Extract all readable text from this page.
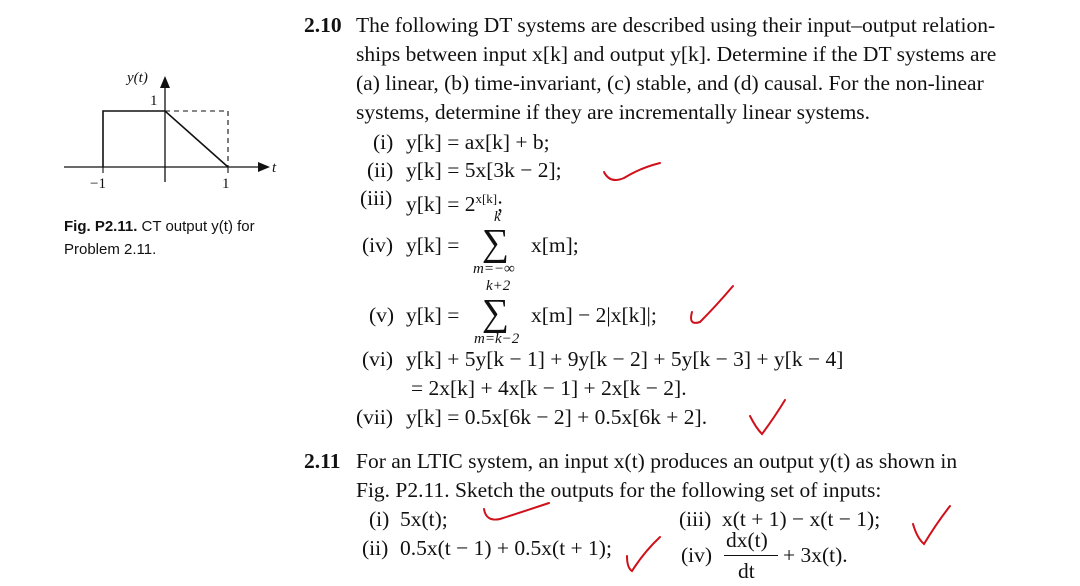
y(t)
t
1
−1	1
Fig. P2.11. CT output y(t) for
Problem 2.11.
2.10 The following DT systems are described using their input–output relation-
ships between input x[k] and output y[k]. Determine if the DT systems are
(a) linear, (b) time-invariant, (c) stable, and (d) causal. For the non-linear
systems, determine if they are incrementally linear systems.
(i) y[k] = ax[k] + b;
(ii) y[k] = 5x[3k − 2];
(iii) $y[k] = 2^{x[k]}$;
(iv) y[k] =
k
∑
m=−∞
x[m];
(v) y[k] =
k+2
∑
m=k−2
x[m] − 2|x[k]|;
(vi) y[k] + 5y[k − 1] + 9y[k − 2] + 5y[k − 3] + y[k − 4]
= 2x[k] + 4x[k − 1] + 2x[k − 2].
(vii) y[k] = 0.5x[6k − 2] + 0.5x[6k + 2].
2.11 For an LTIC system, an input x(t) produces an output y(t) as shown in
Fig. P2.11. Sketch the outputs for the following set of inputs:
(i) 5x(t);
(ii) 0.5x(t − 1) + 0.5x(t + 1);
(iii) x(t + 1) − x(t − 1);
(iv)
dx(t)
dt
+ 3x(t).
